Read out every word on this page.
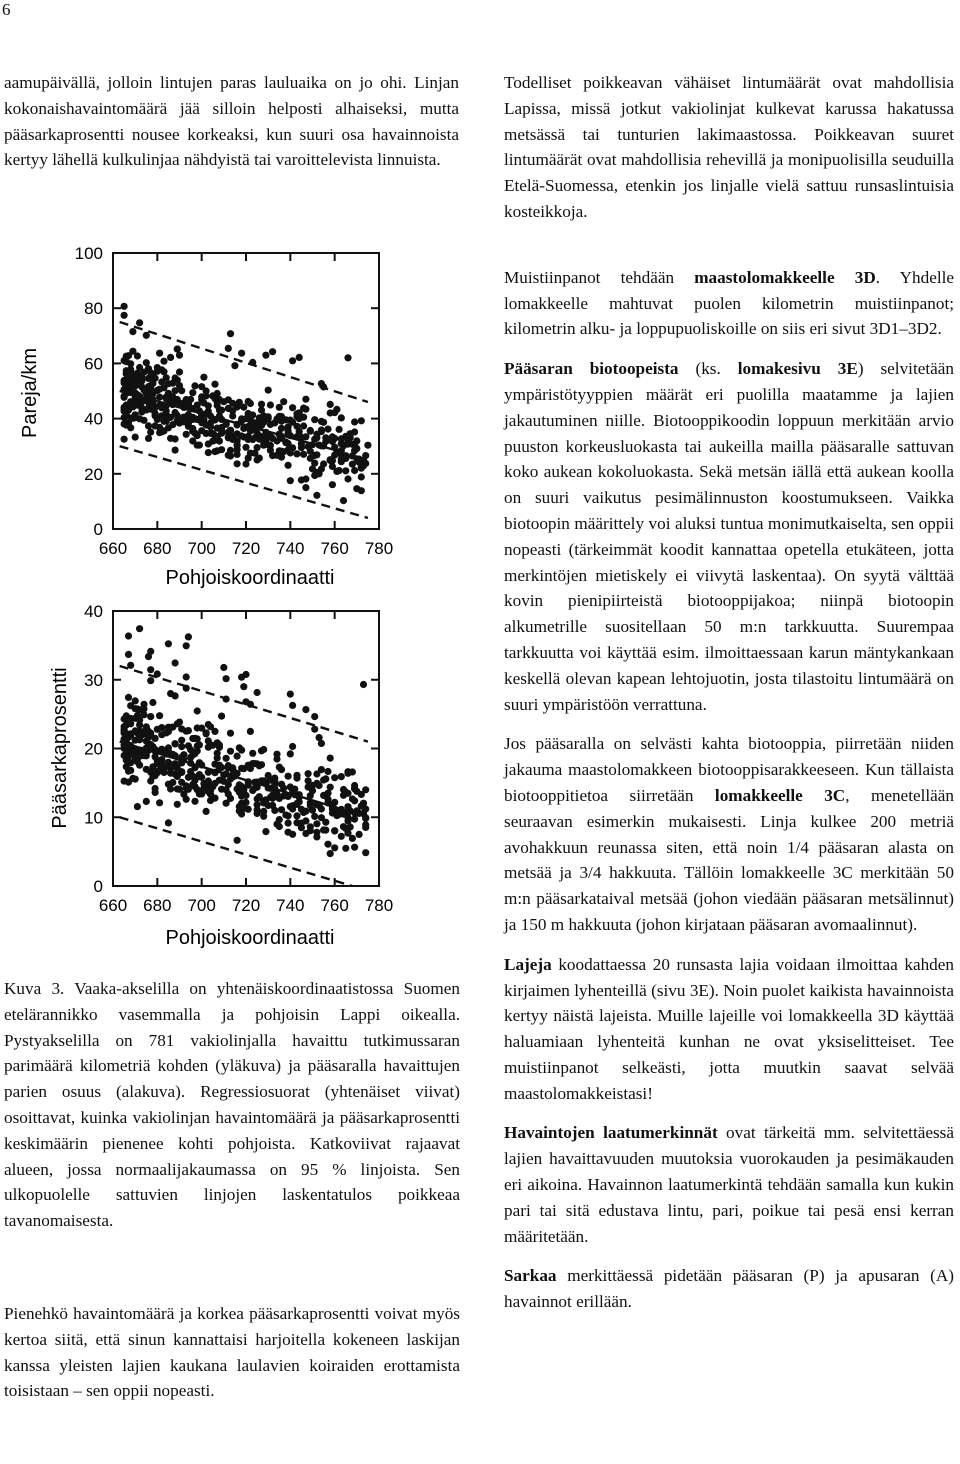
6

aamupäivällä, jolloin lintujen paras lauluaika on jo ohi. Linjan kokonaishavaintomäärä jää silloin helposti alhaiseksi, mutta pääsarkaprosentti nousee korkeaksi, kun suuri osa havainnoista kertyy lähellä kulkulinjaa nähdyistä tai varoittelevista linnuista.

Pareja/km
Pohjoiskoordinaatti
660 680 700 720 740 760 780
0
20
40
60
80
100
Pääsarkaprosentti
Pohjoiskoordinaatti
660 680 700 720 740 760 780
0
10
20
30
40

Kuva 3. Vaaka-akselilla on yhtenäiskoordinaatistossa Suomen etelärannikko vasemmalla ja pohjoisin Lappi oikealla. Pystyakselilla on 781 vakiolinjalla havaittu tutkimussaran parimäärä kilometriä kohden (yläkuva) ja pääsaralla havaittujen parien osuus (alakuva). Regressiosuorat (yhtenäiset viivat) osoittavat, kuinka vakiolinjan havaintomäärä ja pääsarkaprosentti keskimäärin pienenee kohti pohjoista. Katkoviivat rajaavat alueen, jossa normaalijakaumassa on 95 % linjoista. Sen ulkopuolelle sattuvien linjojen laskentatulos poikkeaa tavanomaisesta.

Pienehkö havaintomäärä ja korkea pääsarkaprosentti voivat myös kertoa siitä, että sinun kannattaisi harjoitella kokeneen laskijan kanssa yleisten lajien kaukana laulavien koiraiden erottamista toisistaan – sen oppii nopeasti.

Todelliset poikkeavan vähäiset lintumäärät ovat mahdollisia Lapissa, missä jotkut vakiolinjat kulkevat karussa hakatussa metsässä tai tunturien lakimaastossa. Poikkeavan suuret lintumäärät ovat mahdollisia rehevillä ja monipuolisilla seuduilla Etelä-Suomessa, etenkin jos linjalle vielä sattuu runsaslintuisia kosteikkoja.

Muistiinpanot tehdään maastolomakkeelle 3D. Yhdelle lomakkeelle mahtuvat puolen kilometrin muistiinpanot; kilometrin alku- ja loppupuoliskoille on siis eri sivut 3D1–3D2.

Pääsaran biotoopeista (ks. lomakesivu 3E) selvitetään ympäristötyyppien määrät eri puolilla maatamme ja lajien jakautuminen niille. Biotooppikoodin loppuun merkitään arvio puuston korkeusluokasta tai aukeilla mailla pääsaralle sattuvan koko aukean kokoluokasta. Sekä metsän iällä että aukean koolla on suuri vaikutus pesimälinnuston koostumukseen. Vaikka biotoopin määrittely voi aluksi tuntua monimutkaiselta, sen oppii nopeasti (tärkeimmät koodit kannattaa opetella etukäteen, jotta merkintöjen mietiskely ei viivytä laskentaa). On syytä välttää kovin pienipiirteistä biotooppijakoa; niinpä biotoopin alkumetrille suositellaan 50 m:n tarkkuutta. Suurempaa tarkkuutta voi käyttää esim. ilmoittaessaan karun mäntykankaan keskellä olevan kapean lehtojuotin, josta tilastoitu lintumäärä on suuri ympäristöön verrattuna.

Jos pääsaralla on selvästi kahta biotooppia, piirretään niiden jakauma maastolomakkeen biotooppisarakkeeseen. Kun tällaista biotooppitietoa siirretään lomakkeelle 3C, menetellään seuraavan esimerkin mukaisesti. Linja kulkee 200 metriä avohakkuun reunassa siten, että noin 1/4 pääsaran alasta on metsää ja 3/4 hakkuuta. Tällöin lomakkeelle 3C merkitään 50 m:n pääsarkataival metsää (johon viedään pääsaran metsälinnut) ja 150 m hakkuuta (johon kirjataan pääsaran avomaalinnut).

Lajeja koodattaessa 20 runsasta lajia voidaan ilmoittaa kahden kirjaimen lyhenteillä (sivu 3E). Noin puolet kaikista havainnoista kertyy näistä lajeista. Muille lajeille voi lomakkeella 3D käyttää haluamiaan lyhenteitä kunhan ne ovat yksiselitteiset. Tee muistiinpanot selkeästi, jotta muutkin saavat selvää maastolomakkeistasi!

Havaintojen laatumerkinnät ovat tärkeitä mm. selvitettäessä lajien havaittavuuden muutoksia vuorokauden ja pesimäkauden eri aikoina. Havainnon laatumerkintä tehdään samalla kun kukin pari tai sitä edustava lintu, pari, poikue tai pesä ensi kerran määritetään.

Sarkaa merkittäessä pidetään pääsaran (P) ja apusaran (A) havainnot erillään.
